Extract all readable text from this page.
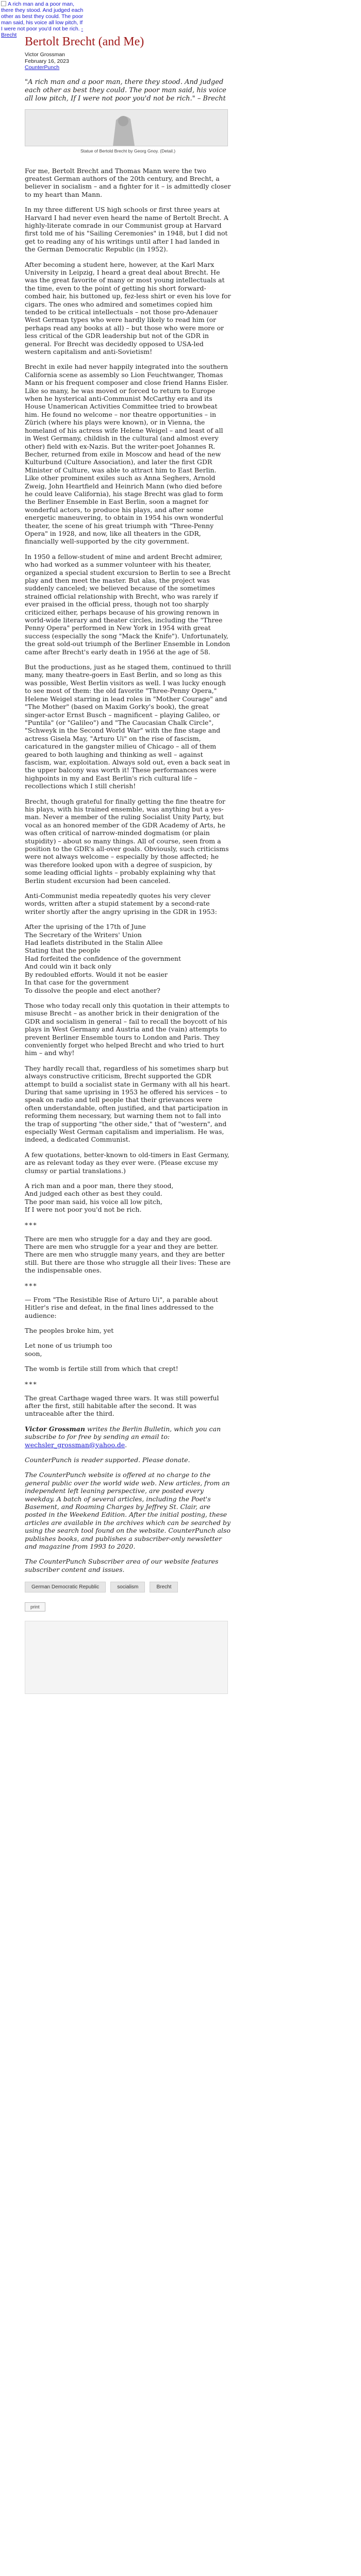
A rich man and a poor man, there they stood. And judged each other as best they could. The poor man said, his voice all low pitch, If I were not poor you'd not be rich. - Brecht Bertolt Brecht (and Me)
Victor Grossman
February 16, 2023
CounterPunch
"A rich man and a poor man, there they stood. And judged each other as best they could. The poor man said, his voice all low pitch, If I were not poor you'd not be rich." – Brecht
Statue of Bertold Brecht by Georg Gnoy. (Detail.)

For me, Bertolt Brecht and Thomas Mann were the two greatest German authors of the 20th century, and Brecht, a believer in socialism – and a fighter for it – is admittedly closer to my heart than Mann.

In my three different US high schools or first three years at Harvard I had never even heard the name of Bertolt Brecht. A highly-literate comrade in our Communist group at Harvard first told me of his "Sailing Ceremonies" in 1948, but I did not get to reading any of his writings until after I had landed in the German Democratic Republic (in 1952).

After becoming a student here, however, at the Karl Marx University in Leipzig, I heard a great deal about Brecht. He was the great favorite of many or most young intellectuals at the time, even to the point of getting his short forward-combed hair, his buttoned up, fez-less shirt or even his love for cigars. The ones who admired and sometimes copied him tended to be critical intellectuals – not those pro-Adenauer West German types who were hardly likely to read him (or perhaps read any books at all) – but those who were more or less critical of the GDR leadership but not of the GDR in general. For Brecht was decidedly opposed to USA-led western capitalism and anti-Sovietism!

Brecht in exile had never happily integrated into the southern California scene as assembly so Lion Feuchtwanger, Thomas Mann or his frequent composer and close friend Hanns Eisler. Like so many, he was moved or forced to return to Europe when he hysterical anti-Communist McCarthy era and its House Unamerican Activities Committee tried to browbeat him. He found no welcome – nor theatre opportunities – in Zürich (where his plays were known), or in Vienna, the homeland of his actress wife Helene Weigel – and least of all in West Germany, childish in the cultural (and almost every other) field with ex-Nazis. But the writer-poet Johannes R. Becher, returned from exile in Moscow and head of the new Kulturbund (Culture Association), and later the first GDR Minister of Culture, was able to attract him to East Berlin. Like other prominent exiles such as Anna Seghers, Arnold Zweig, John Heartfield and Heinrich Mann (who died before he could leave California), his stage Brecht was glad to form the Berliner Ensemble in East Berlin, soon a magnet for wonderful actors, to produce his plays, and after some energetic maneuvering, to obtain in 1954 his own wonderful theater, the scene of his great triumph with "Three-Penny Opera" in 1928, and now, like all theaters in the GDR, financially well-supported by the city government.

In 1950 a fellow-student of mine and ardent Brecht admirer, who had worked as a summer volunteer with his theater, organized a special student excursion to Berlin to see a Brecht play and then meet the master. But alas, the project was suddenly canceled; we believed because of the sometimes strained official relationship with Brecht, who was rarely if ever praised in the official press, though not too sharply criticized either, perhaps because of his growing renown in world-wide literary and theater circles, including the "Three Penny Opera" performed in New York in 1954 with great success (especially the song "Mack the Knife"). Unfortunately, the great sold-out triumph of the Berliner Ensemble in London came after Brecht's early death in 1956 at the age of 58.

But the productions, just as he staged them, continued to thrill many, many theatre-goers in East Berlin, and so long as this was possible, West Berlin visitors as well. I was lucky enough to see most of them: the old favorite "Three-Penny Opera," Helene Weigel starring in lead roles in "Mother Courage" and "The Mother" (based on Maxim Gorky's book), the great singer-actor Ernst Busch – magnificent – playing Galileo, or "Puntila" (or "Galileo") and "The Caucasian Chalk Circle", "Schweyk in the Second World War" with the fine stage and actress Gisela May, "Arturo Ui" on the rise of fascism, caricatured in the gangster milieu of Chicago – all of them geared to both laughing and thinking as well – against fascism, war, exploitation. Always sold out, even a back seat in the upper balcony was worth it! These performances were highpoints in my and East Berlin's rich cultural life – recollections which I still cherish!

Brecht, though grateful for finally getting the fine theatre for his plays, with his trained ensemble, was anything but a yes-man. Never a member of the ruling Socialist Unity Party, but vocal as an honored member of the GDR Academy of Arts, he was often critical of narrow-minded dogmatism (or plain stupidity) – about so many things. All of course, seen from a position to the GDR's all-over goals. Obviously, such criticisms were not always welcome – especially by those affected; he was therefore looked upon with a degree of suspicion, by some leading official lights – probably explaining why that Berlin student excursion had been canceled.

Anti-Communist media repeatedly quotes his very clever words, written after a stupid statement by a second-rate writer shortly after the angry uprising in the GDR in 1953:

After the uprising of the 17th of June
The Secretary of the Writers' Union
Had leaflets distributed in the Stalin Allee
Stating that the people
Had forfeited the confidence of the government
And could win it back only
By redoubled efforts. Would it not be easier
In that case for the government
To dissolve the people and elect another?

Those who today recall only this quotation in their attempts to misuse Brecht – as another brick in their denigration of the GDR and socialism in general – fail to recall the boycott of his plays in West Germany and Austria and the (vain) attempts to prevent Berliner Ensemble tours to London and Paris. They conveniently forget who helped Brecht and who tried to hurt him – and why!

They hardly recall that, regardless of his sometimes sharp but always constructive criticism, Brecht supported the GDR attempt to build a socialist state in Germany with all his heart. During that same uprising in 1953 he offered his services – to speak on radio and tell people that their grievances were often understandable, often justified, and that participation in reforming them necessary, but warning them not to fall into the trap of supporting "the other side," that of "western", and especially West German capitalism and imperialism. He was, indeed, a dedicated Communist.

A few quotations, better-known to old-timers in East Germany, are as relevant today as they ever were. (Please excuse my clumsy or partial translations.)

A rich man and a poor man, there they stood,
And judged each other as best they could.
The poor man said, his voice all low pitch,
If I were not poor you'd not be rich.

***

There are men who struggle for a day and they are good. There are men who struggle for a year and they are better. There are men who struggle many years, and they are better still. But there are those who struggle all their lives: These are the indispensable ones.

***

— From "The Resistible Rise of Arturo Ui", a parable about Hitler's rise and defeat, in the final lines addressed to the audience:

The peoples broke him, yet

Let none of us triumph too
soon,

The womb is fertile still from which that crept!

***

The great Carthage waged three wars. It was still powerful after the first, still habitable after the second. It was untraceable after the third.

Victor Grossman writes the Berlin Bulletin, which you can subscribe to for free by sending an email to: wechsler_grossman@yahoo.de.

CounterPunch is reader supported. Please donate.

The CounterPunch website is offered at no charge to the general public over the world wide web. New articles, from an independent left leaning perspective, are posted every weekday. A batch of several articles, including the Poet's Basement, and Roaming Charges by Jeffrey St. Clair, are posted in the Weekend Edition. After the initial posting, these articles are available in the archives which can be searched by using the search tool found on the website. CounterPunch also publishes books, and publishes a subscriber-only newsletter and magazine from 1993 to 2020.

The CounterPunch Subscriber area of our website features subscriber content and issues.

German Democratic Republic	socialism	Brecht
print
